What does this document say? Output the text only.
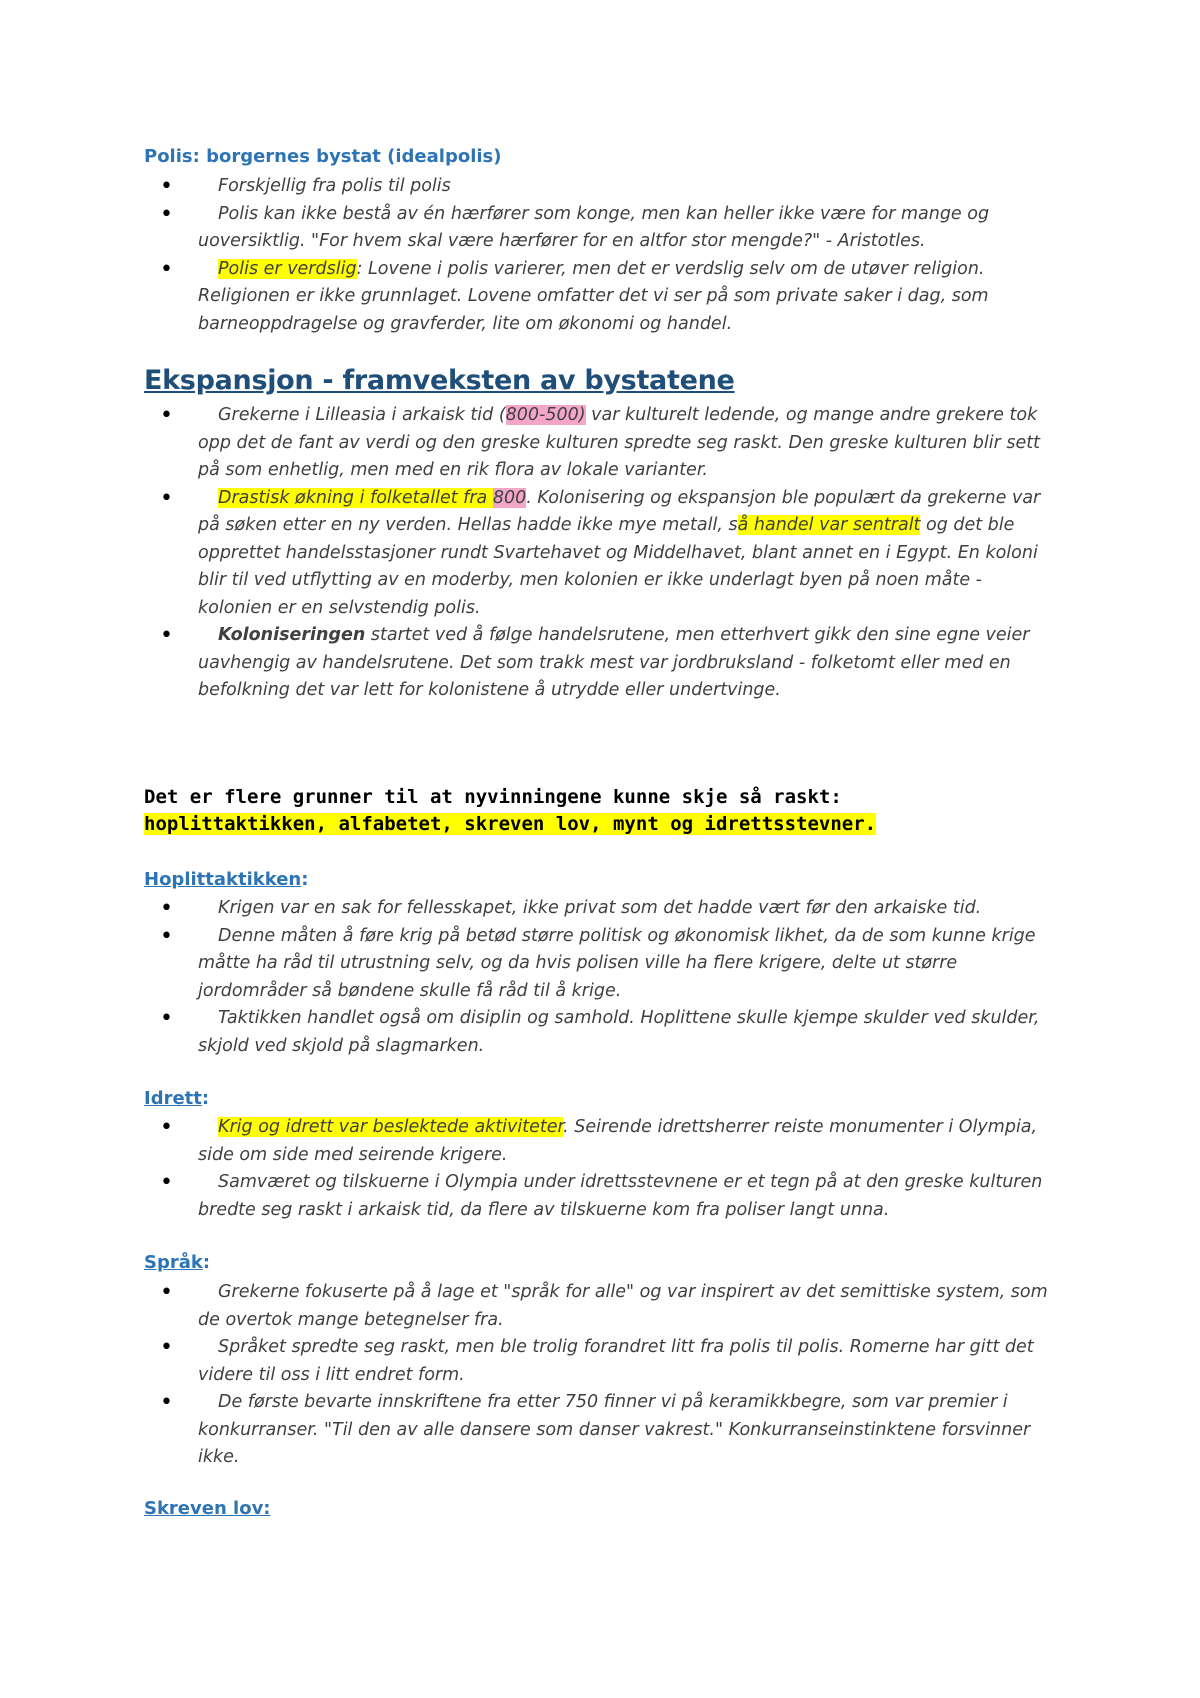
Polis: borgernes bystat (idealpolis)
• Forskjellig fra polis til polis
• Polis kan ikke bestå av én hærfører som konge, men kan heller ikke være for mange og uoversiktlig. "For hvem skal være hærfører for en altfor stor mengde?" - Aristotles.
• Polis er verdslig: Lovene i polis varierer, men det er verdslig selv om de utøver religion. Religionen er ikke grunnlaget. Lovene omfatter det vi ser på som private saker i dag, som barneoppdragelse og gravferder, lite om økonomi og handel.
Ekspansjon - framveksten av bystatene
• Grekerne i Lilleasia i arkaisk tid (800-500) var kulturelt ledende, og mange andre grekere tok opp det de fant av verdi og den greske kulturen spredte seg raskt. Den greske kulturen blir sett på som enhetlig, men med en rik flora av lokale varianter.
• Drastisk økning i folketallet fra 800. Kolonisering og ekspansjon ble populært da grekerne var på søken etter en ny verden. Hellas hadde ikke mye metall, så handel var sentralt og det ble opprettet handelsstasjoner rundt Svartehavet og Middelhavet, blant annet en i Egypt. En koloni blir til ved utflytting av en moderby, men kolonien er ikke underlagt byen på noen måte - kolonien er en selvstendig polis.
• Koloniseringen startet ved å følge handelsrutene, men etterhvert gikk den sine egne veier uavhengig av handelsrutene. Det som trakk mest var jordbruksland - folketomt eller med en befolkning det var lett for kolonistene å utrydde eller undertvinge.
Det er flere grunner til at nyvinningene kunne skje så raskt:
hoplittaktikken, alfabetet, skreven lov, mynt og idrettsstevner.
Hoplittaktikken:
• Krigen var en sak for fellesskapet, ikke privat som det hadde vært før den arkaiske tid.
• Denne måten å føre krig på betød større politisk og økonomisk likhet, da de som kunne krige måtte ha råd til utrustning selv, og da hvis polisen ville ha flere krigere, delte ut større jordområder så bøndene skulle få råd til å krige.
• Taktikken handlet også om disiplin og samhold. Hoplittene skulle kjempe skulder ved skulder, skjold ved skjold på slagmarken.
Idrett:
• Krig og idrett var beslektede aktiviteter. Seirende idrettsherrer reiste monumenter i Olympia, side om side med seirende krigere.
• Samværet og tilskuerne i Olympia under idrettsstevnene er et tegn på at den greske kulturen bredte seg raskt i arkaisk tid, da flere av tilskuerne kom fra poliser langt unna.
Språk:
• Grekerne fokuserte på å lage et "språk for alle" og var inspirert av det semittiske system, som de overtok mange betegnelser fra.
• Språket spredte seg raskt, men ble trolig forandret litt fra polis til polis. Romerne har gitt det videre til oss i litt endret form.
• De første bevarte innskriftene fra etter 750 finner vi på keramikkbegre, som var premier i konkurranser. "Til den av alle dansere som danser vakrest." Konkurranseinstinktene forsvinner ikke.
Skreven lov:
